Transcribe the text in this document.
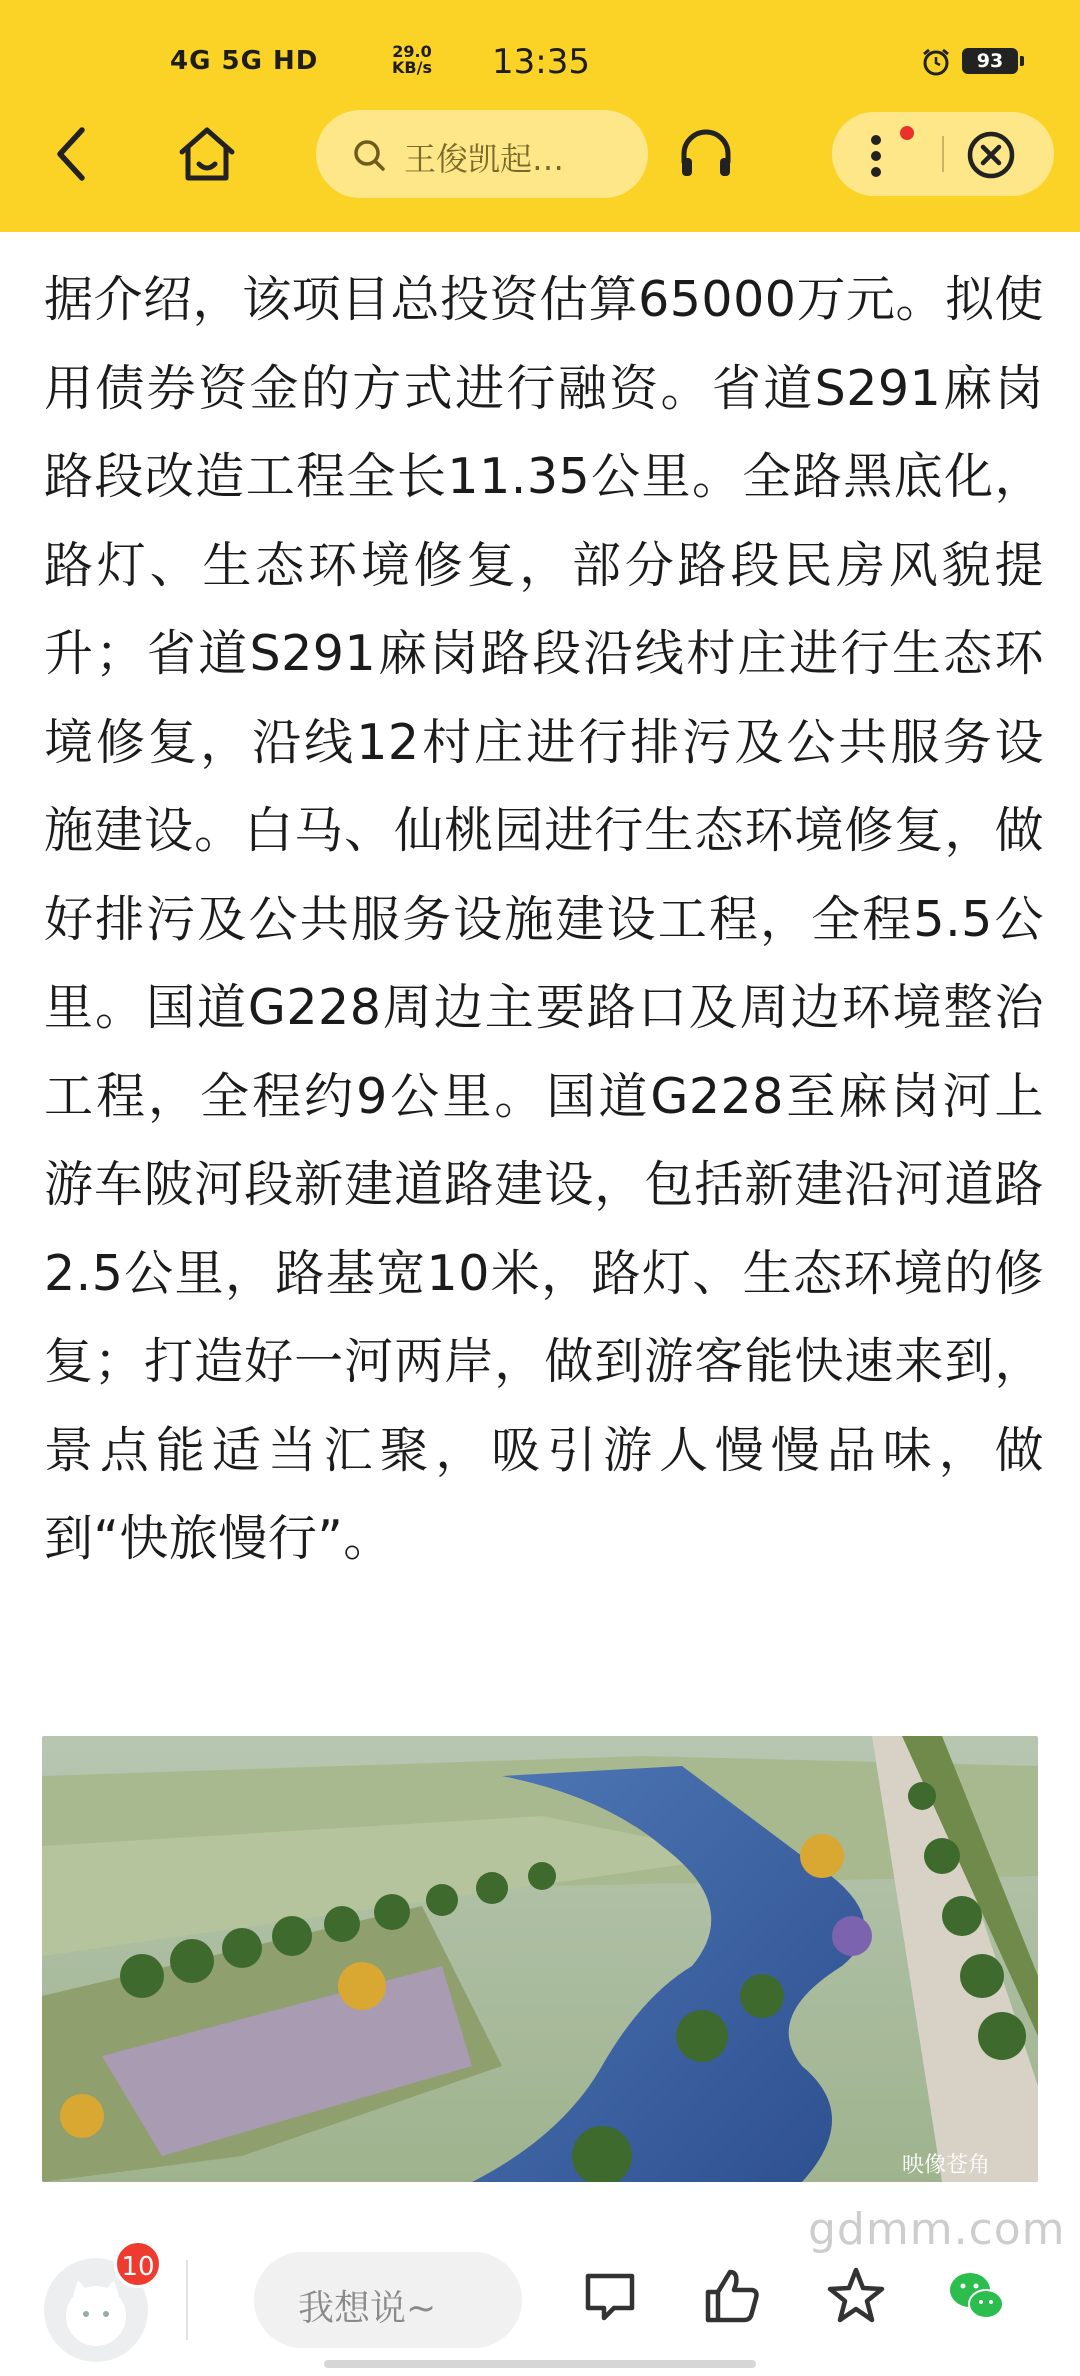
4G 5G HD	29.0
KB/s 13:35	93
王俊凯起…
据介绍，该项目总投资估算65000万元。拟使用债券资金的方式进行融资。省道S291麻岗路段改造工程全长11.35公里。全路黑底化，路灯、生态环境修复，部分路段民房风貌提升；省道S291麻岗路段沿线村庄进行生态环境修复，沿线12村庄进行排污及公共服务设施建设。白马、仙桃园进行生态环境修复，做好排污及公共服务设施建设工程，全程5.5公里。国道G228周边主要路口及周边环境整治工程，全程约9公里。国道G228至麻岗河上游车陂河段新建道路建设，包括新建沿河道路2.5公里，路基宽10米，路灯、生态环境的修复；打造好一河两岸，做到游客能快速来到，景点能适当汇聚，吸引游人慢慢品味，做到“快旅慢行”。
映像苍角
10
我想说~
gdmm.com
